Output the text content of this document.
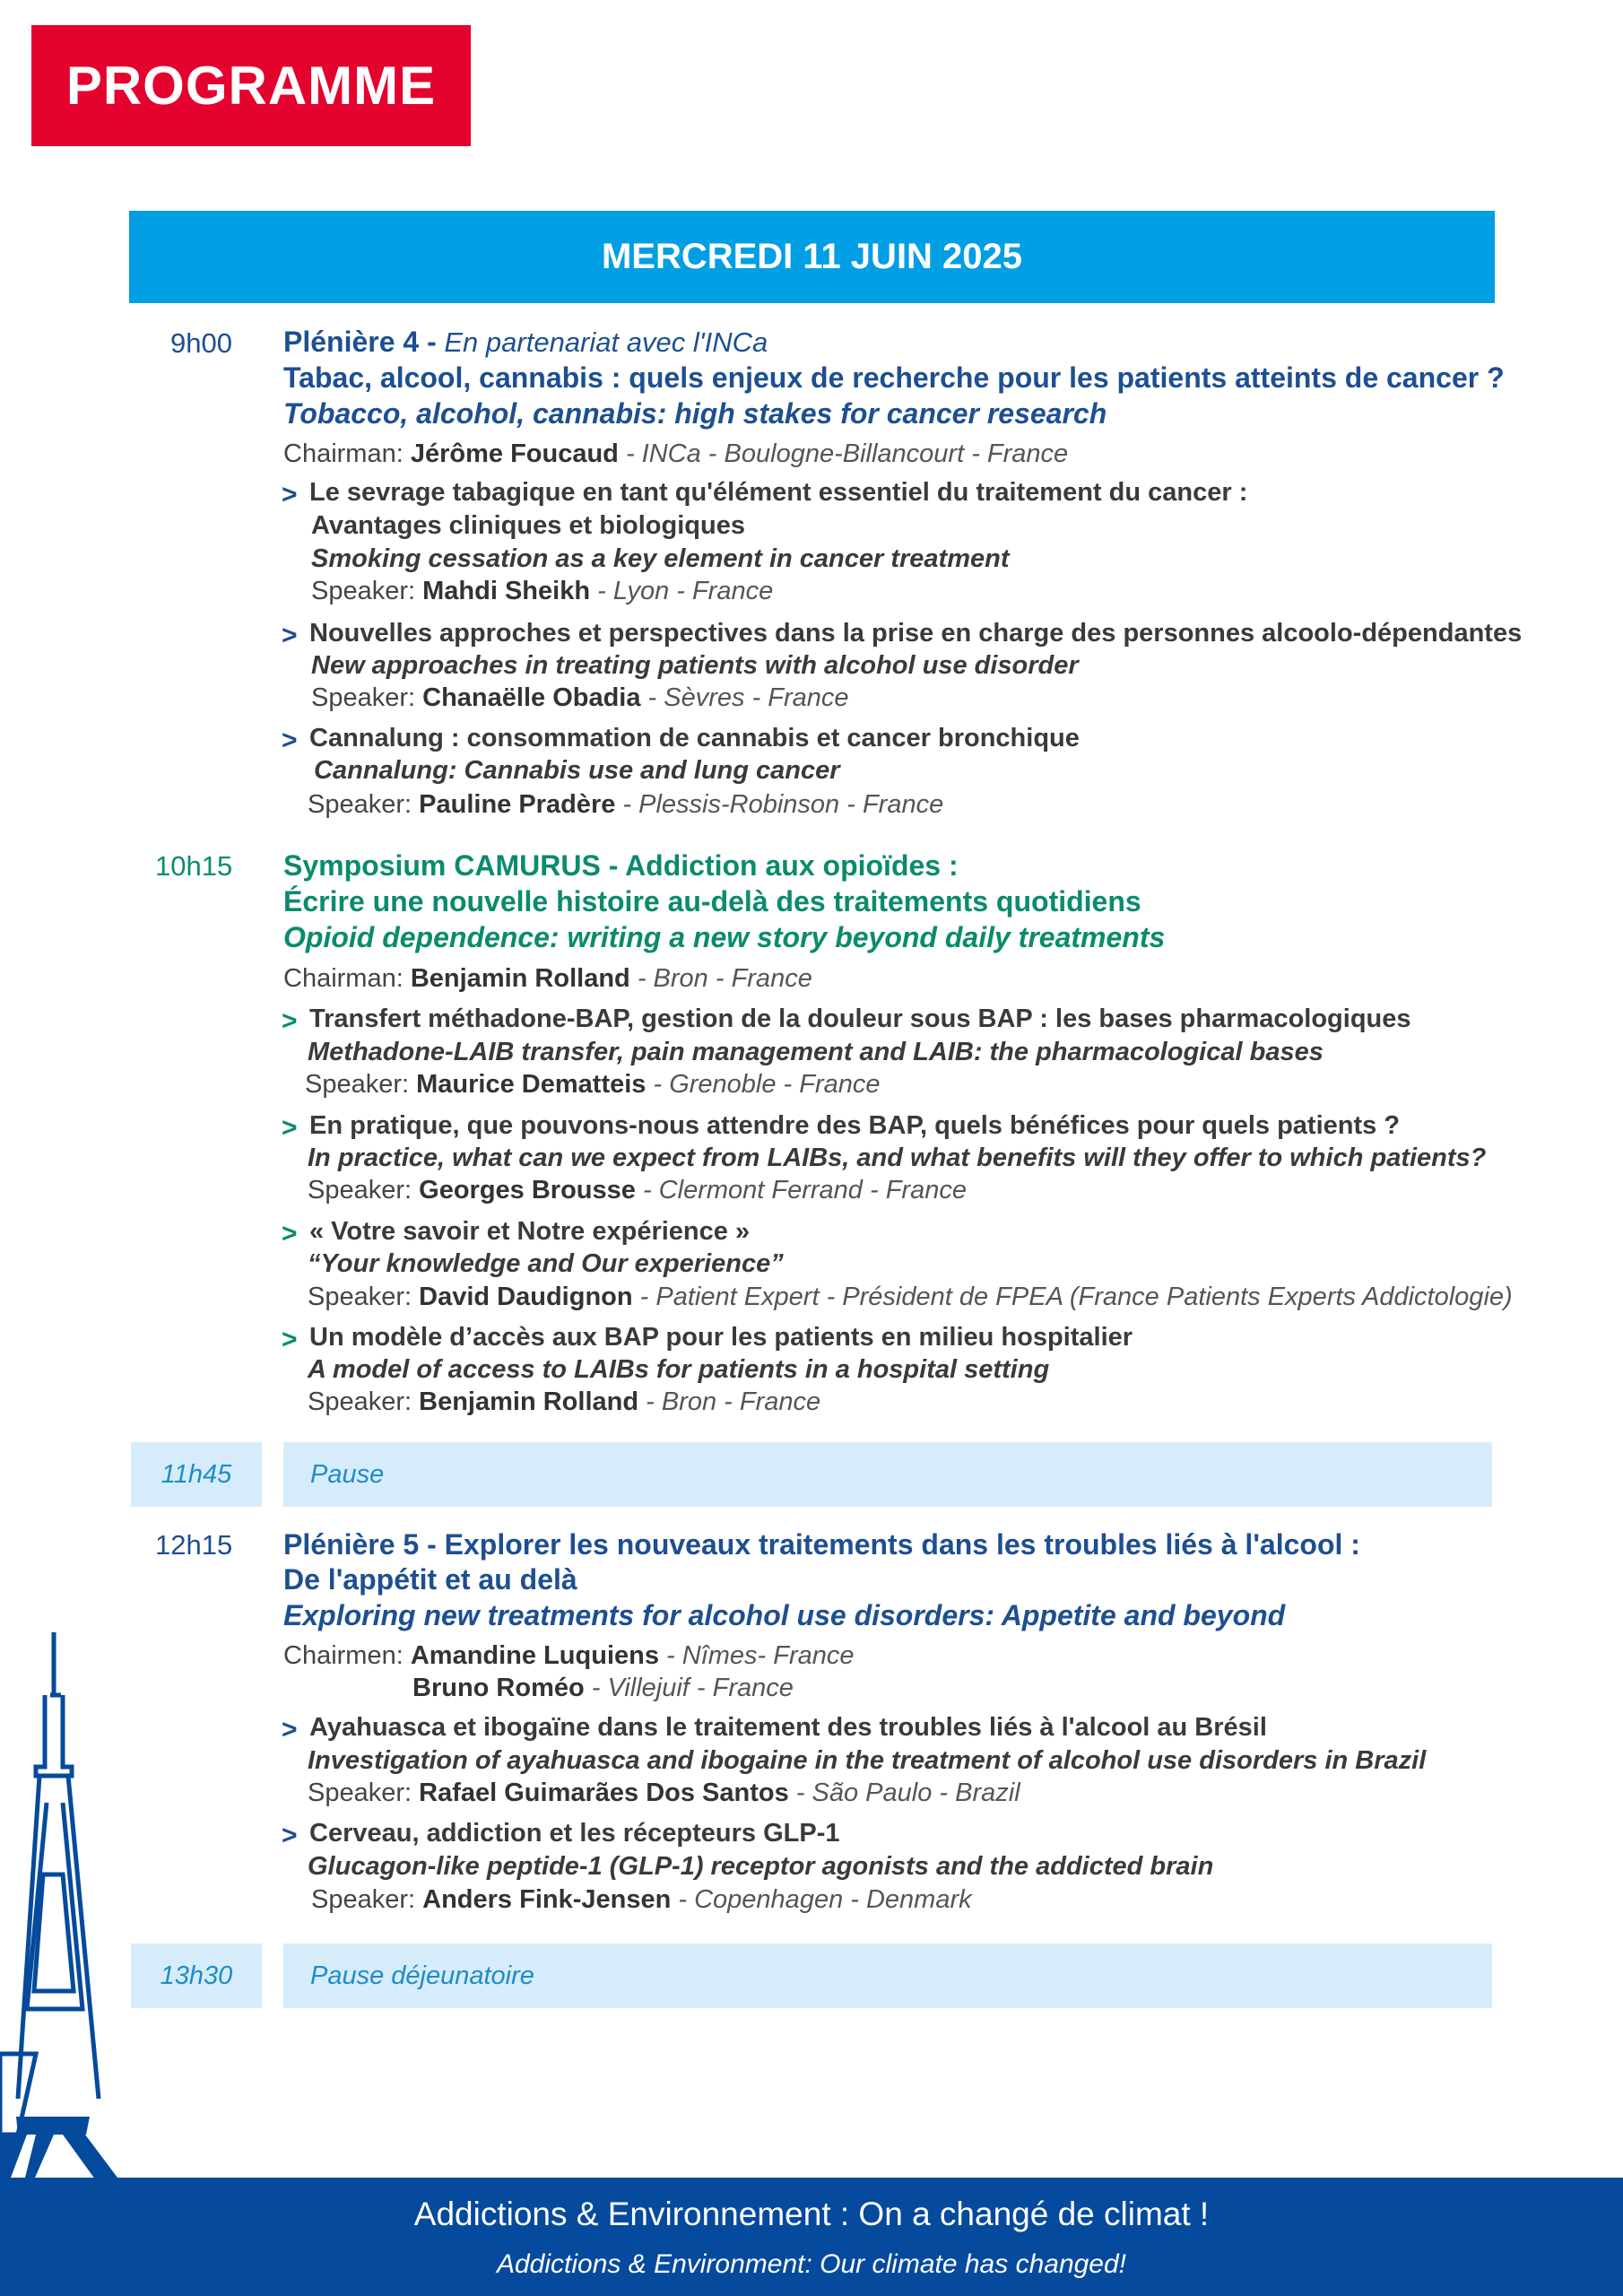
PROGRAMME
MERCREDI 11 JUIN 2025
9h00 Plénière 4 - En partenariat avec l'INCa
Tabac, alcool, cannabis : quels enjeux de recherche pour les patients atteints de cancer ?
Tobacco, alcohol, cannabis: high stakes for cancer research
Chairman: Jérôme Foucaud - INCa - Boulogne-Billancourt - France
> Le sevrage tabagique en tant qu'élément essentiel du traitement du cancer :
Avantages cliniques et biologiques
Smoking cessation as a key element in cancer treatment
Speaker: Mahdi Sheikh - Lyon - France
> Nouvelles approches et perspectives dans la prise en charge des personnes alcoolo-dépendantes
New approaches in treating patients with alcohol use disorder
Speaker: Chanaëlle Obadia - Sèvres - France
> Cannalung : consommation de cannabis et cancer bronchique
Cannalung: Cannabis use and lung cancer
Speaker: Pauline Pradère - Plessis-Robinson - France
10h15 Symposium CAMURUS - Addiction aux opioïdes :
Écrire une nouvelle histoire au-delà des traitements quotidiens
Opioid dependence: writing a new story beyond daily treatments
Chairman: Benjamin Rolland - Bron - France
> Transfert méthadone-BAP, gestion de la douleur sous BAP : les bases pharmacologiques
Methadone-LAIB transfer, pain management and LAIB: the pharmacological bases
Speaker: Maurice Dematteis - Grenoble - France
> En pratique, que pouvons-nous attendre des BAP, quels bénéfices pour quels patients ?
In practice, what can we expect from LAIBs, and what benefits will they offer to which patients?
Speaker: Georges Brousse - Clermont Ferrand - France
> « Votre savoir et Notre expérience »
“Your knowledge and Our experience”
Speaker: David Daudignon - Patient Expert - Président de FPEA (France Patients Experts Addictologie)
> Un modèle d’accès aux BAP pour les patients en milieu hospitalier
A model of access to LAIBs for patients in a hospital setting
Speaker: Benjamin Rolland - Bron - France
11h45	Pause
12h15 Plénière 5 - Explorer les nouveaux traitements dans les troubles liés à l'alcool :
De l'appétit et au delà
Exploring new treatments for alcohol use disorders: Appetite and beyond
Chairmen: Amandine Luquiens - Nîmes- France
Bruno Roméo - Villejuif - France
> Ayahuasca et ibogaïne dans le traitement des troubles liés à l'alcool au Brésil
Investigation of ayahuasca and ibogaine in the treatment of alcohol use disorders in Brazil
Speaker: Rafael Guimarães Dos Santos - São Paulo - Brazil
> Cerveau, addiction et les récepteurs GLP-1
Glucagon-like peptide-1 (GLP-1) receptor agonists and the addicted brain
Speaker: Anders Fink-Jensen - Copenhagen - Denmark
13h30	Pause déjeunatoire
Addictions & Environnement : On a changé de climat !
Addictions & Environment: Our climate has changed!
